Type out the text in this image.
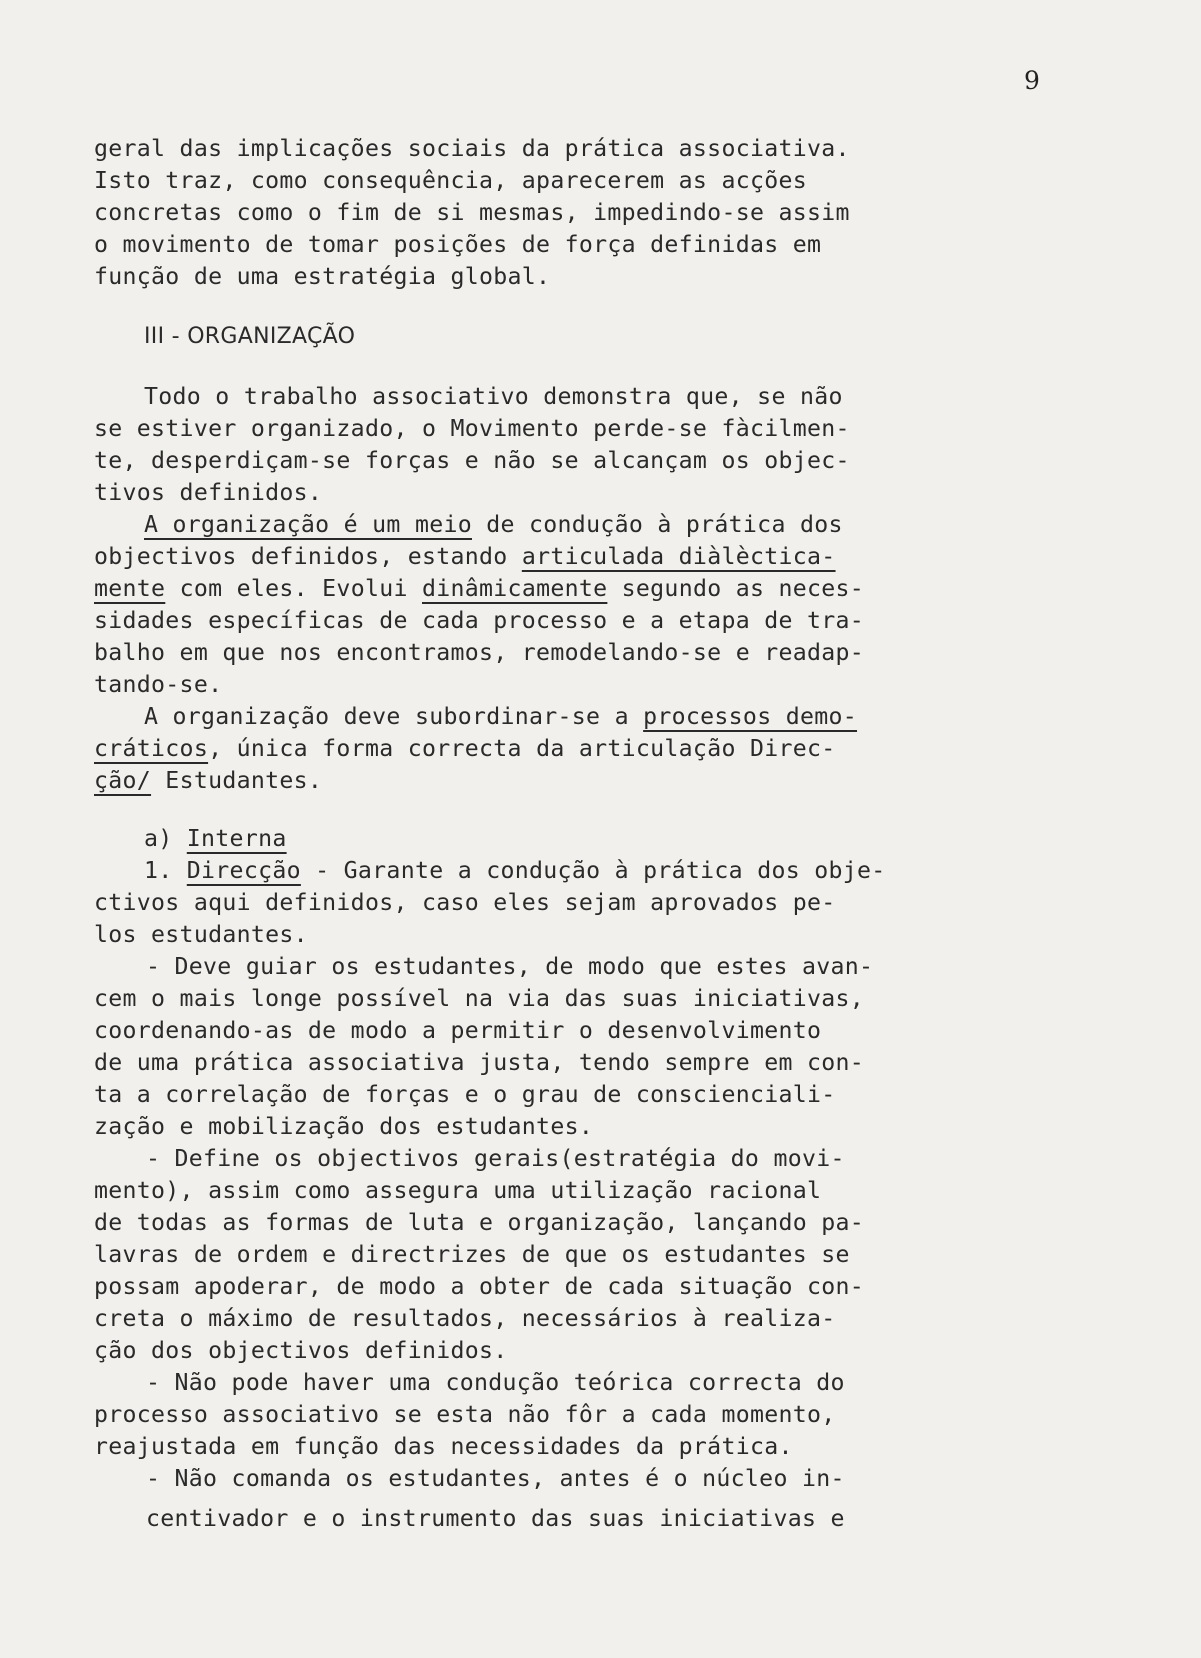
9
geral das implicações sociais da prática associativa.
Isto traz, como consequência, aparecerem as acções
concretas como o fim de si mesmas, impedindo-se assim
o movimento de tomar posições de força definidas em
função de uma estratégia global.
III - ORGANIZAÇÃO
Todo o trabalho associativo demonstra que, se não
se estiver organizado, o Movimento perde-se fàcilmen-
te, desperdiçam-se forças e não se alcançam os objec-
tivos definidos.
A organização é um meio de condução à prática dos
objectivos definidos, estando articulada diàlèctica-
mente com eles. Evolui dinâmicamente segundo as neces-
sidades específicas de cada processo e a etapa de tra-
balho em que nos encontramos, remodelando-se e readap-
tando-se.
A organização deve subordinar-se a processos demo-
cráticos, única forma correcta da articulação Direc-
ção/ Estudantes.
a) Interna
1. Direcção - Garante a condução à prática dos obje-
ctivos aqui definidos, caso eles sejam aprovados pe-
los estudantes.
- Deve guiar os estudantes, de modo que estes avan-
cem o mais longe possível na via das suas iniciativas,
coordenando-as de modo a permitir o desenvolvimento
de uma prática associativa justa, tendo sempre em con-
ta a correlação de forças e o grau de conscienciali-
zação e mobilização dos estudantes.
- Define os objectivos gerais(estratégia do movi-
mento), assim como assegura uma utilização racional
de todas as formas de luta e organização, lançando pa-
lavras de ordem e directrizes de que os estudantes se
possam apoderar, de modo a obter de cada situação con-
creta o máximo de resultados, necessários à realiza-
ção dos objectivos definidos.
- Não pode haver uma condução teórica correcta do
processo associativo se esta não fôr a cada momento,
reajustada em função das necessidades da prática.
- Não comanda os estudantes, antes é o núcleo in-
centivador e o instrumento das suas iniciativas e
